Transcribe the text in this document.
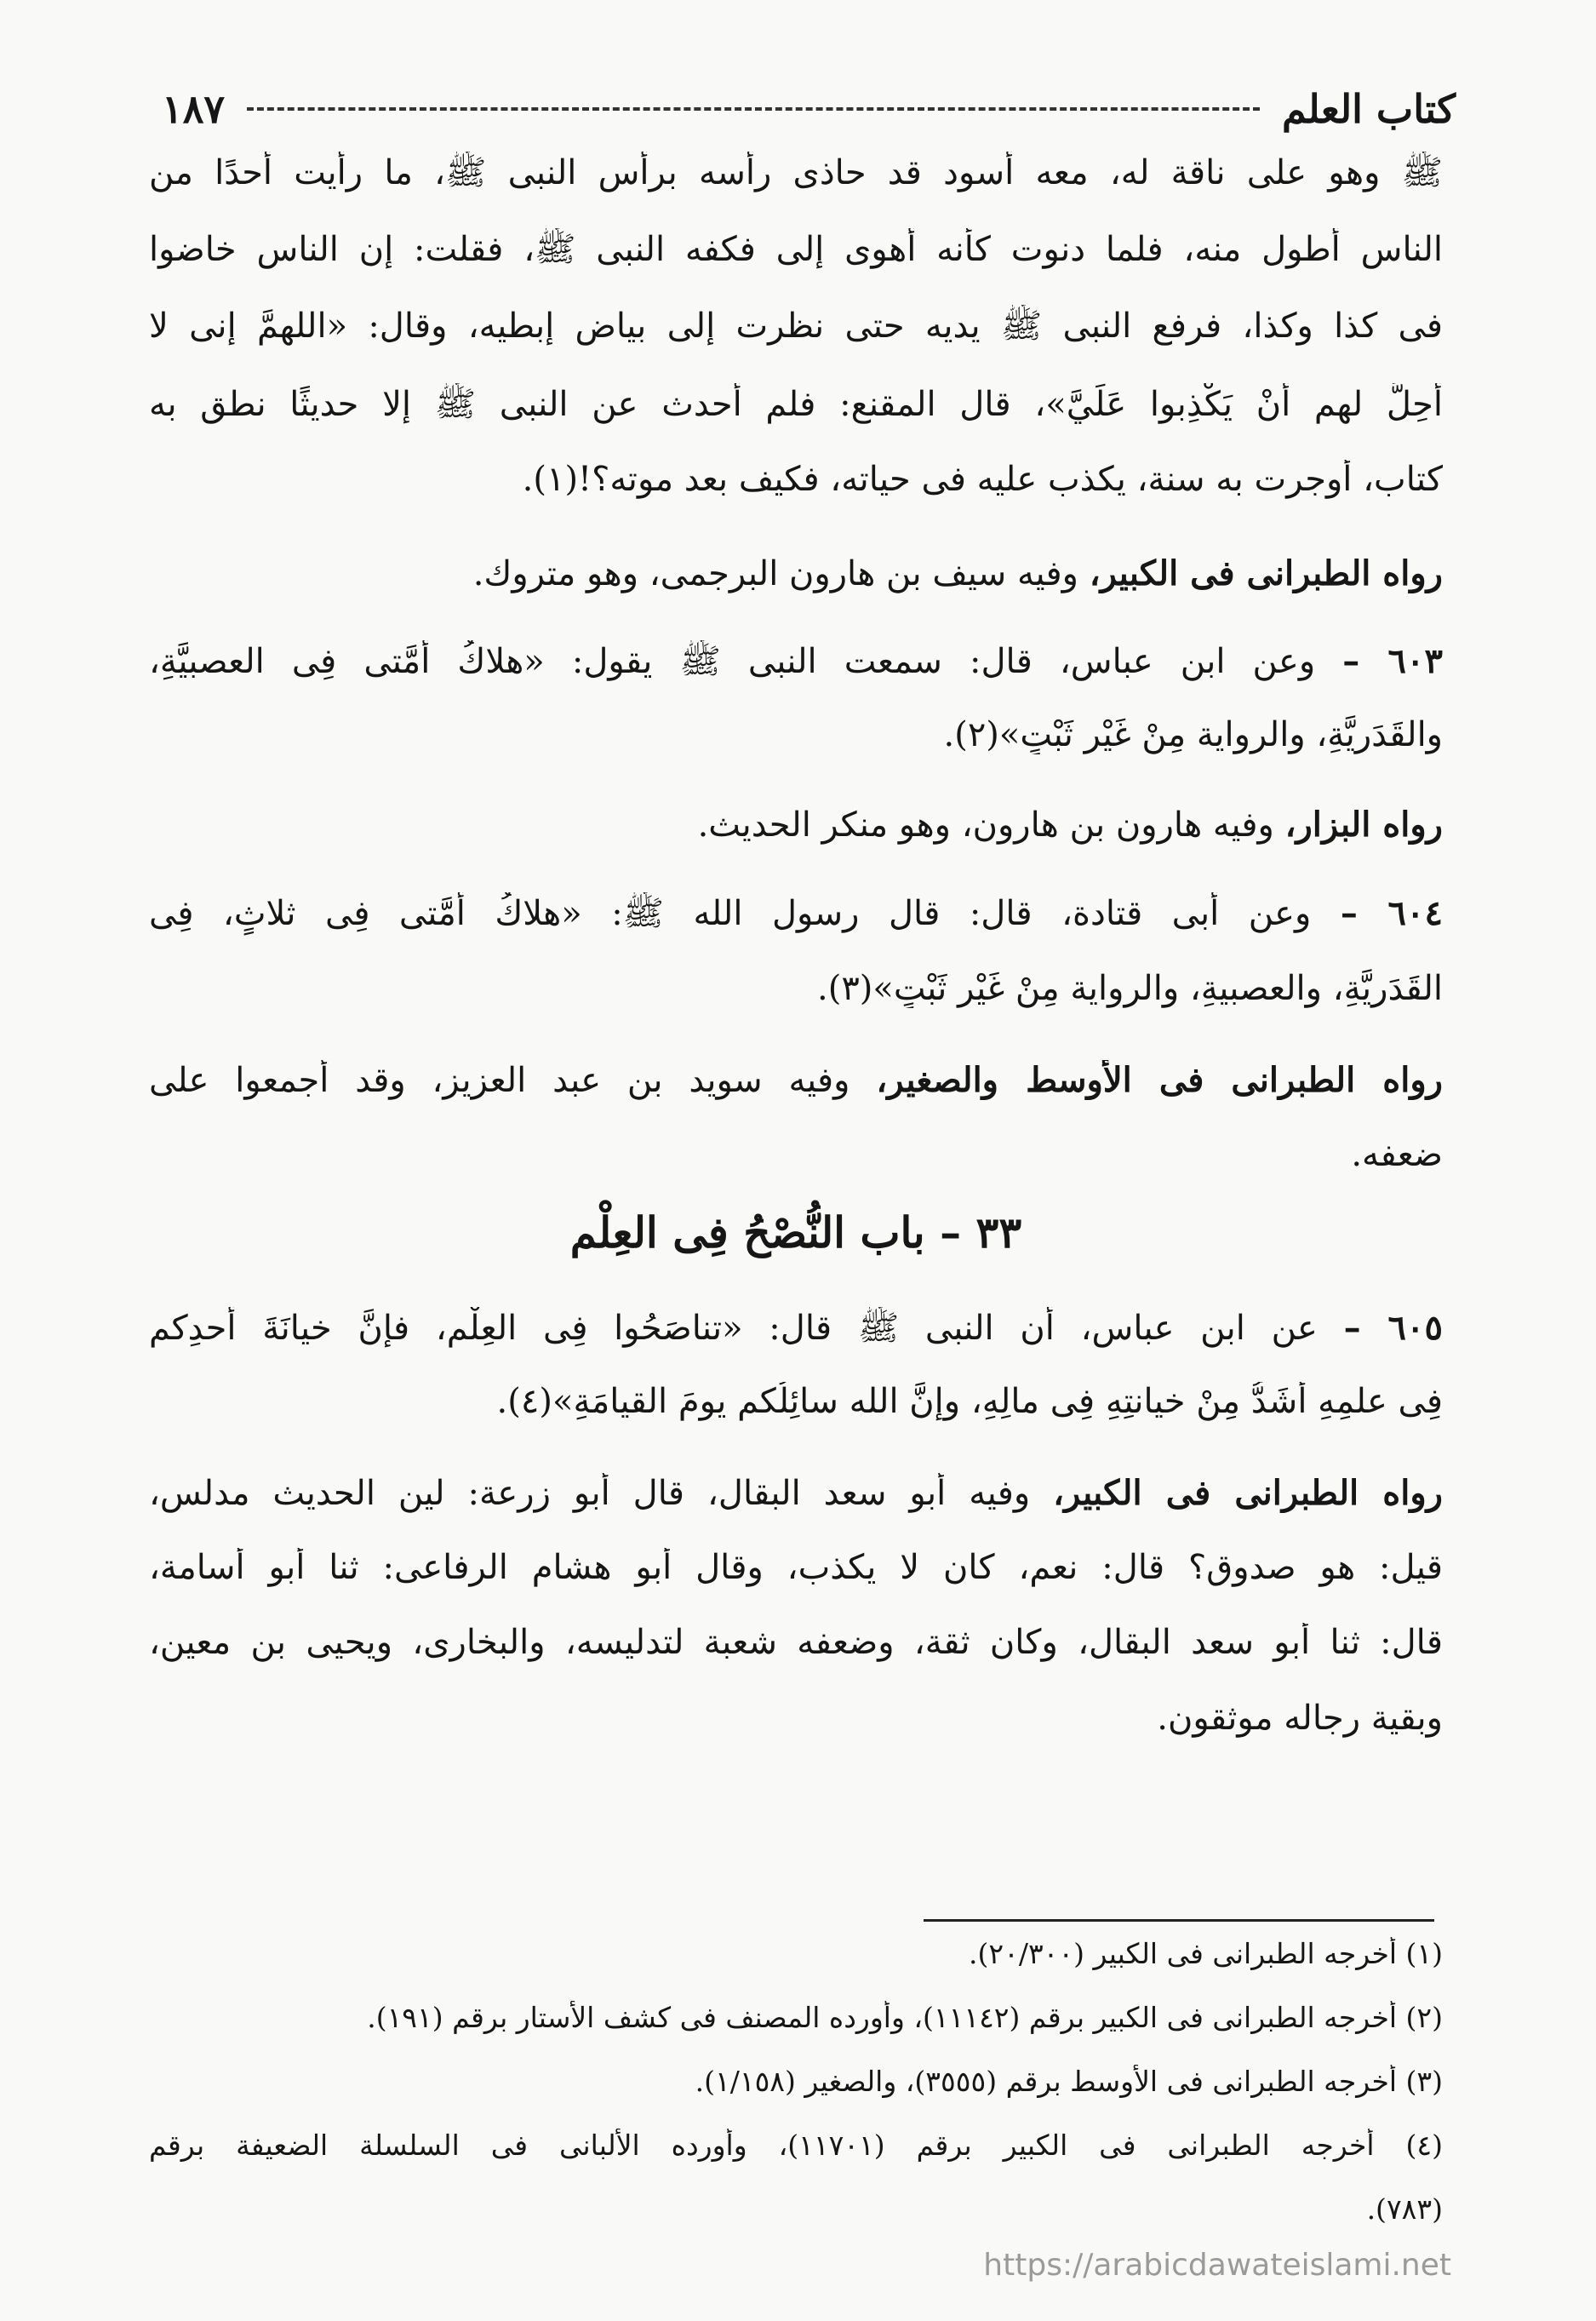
كتاب العلم
١٨٧
ﷺ وهو على ناقة له، معه أسود قد حاذى رأسه برأس النبى ﷺ، ما رأيت أحدًا من
الناس أطول منه، فلما دنوت كأنه أهوى إلى فكفه النبى ﷺ، فقلت: إن الناس خاضوا
فى كذا وكذا، فرفع النبى ﷺ يديه حتى نظرت إلى بياض إبطيه، وقال: «اللهمَّ إنى لا
أُحِلُّ لهم أنْ يَكْذِبوا عَلَيَّ»، قال المقنع: فلم أحدث عن النبى ﷺ إلا حديثًا نطق به
كتاب، أوجرت به سنة، يكذب عليه فى حياته، فكيف بعد موته؟!(١).
رواه الطبرانى فى الكبير، وفيه سيف بن هارون البرجمى، وهو متروك.
٦٠٣ – وعن ابن عباس، قال: سمعت النبى ﷺ يقول: «هلاكُ أُمَّتى فِى العصبيَّةِ،
والقَدَرِيَّةِ، والرواية مِنْ غَيْرِ ثَبْتٍ»(٢).
رواه البزار، وفيه هارون بن هارون، وهو منكر الحديث.
٦٠٤ – وعن أبى قتادة، قال: قال رسول الله ﷺ: «هلاكُ أُمَّتى فِى ثلاثٍ، فِى
القَدَرِيَّةِ، والعصبيةِ، والرواية مِنْ غَيْرِ ثَبْتٍ»(٣).
رواه الطبرانى فى الأوسط والصغير، وفيه سويد بن عبد العزيز، وقد أجمعوا على
ضعفه.
٣٣ – باب النُّصْحُ فِى العِلْم
٦٠٥ – عن ابن عباس، أن النبى ﷺ قال: «تناصَحُوا فِى العِلْم، فإنَّ خيانَةَ أَحدِكم
فِى علمِهِ أَشَدُّ مِنْ خيانتِهِ فِى مالِهِ، وإنَّ الله سائِلُكم يومَ القيامَةِ»(٤).
رواه الطبرانى فى الكبير، وفيه أبو سعد البقال، قال أبو زرعة: لين الحديث مدلس،
قيل: هو صدوق؟ قال: نعم، كان لا يكذب، وقال أبو هشام الرفاعى: ثنا أبو أسامة،
قال: ثنا أبو سعد البقال، وكان ثقة، وضعفه شعبة لتدليسه، والبخارى، ويحيى بن معين،
وبقية رجاله موثقون.
(١) أخرجه الطبرانى فى الكبير (٢٠/٣٠٠).
(٢) أخرجه الطبرانى فى الكبير برقم (١١١٤٢)، وأورده المصنف فى كشف الأستار برقم (١٩١).
(٣) أخرجه الطبرانى فى الأوسط برقم (٣٥٥٥)، والصغير (١/١٥٨).
(٤) أخرجه الطبرانى فى الكبير برقم (١١٧٠١)، وأورده الألبانى فى السلسلة الضعيفة برقم
(٧٨٣).
https://arabicdawateislami.net
